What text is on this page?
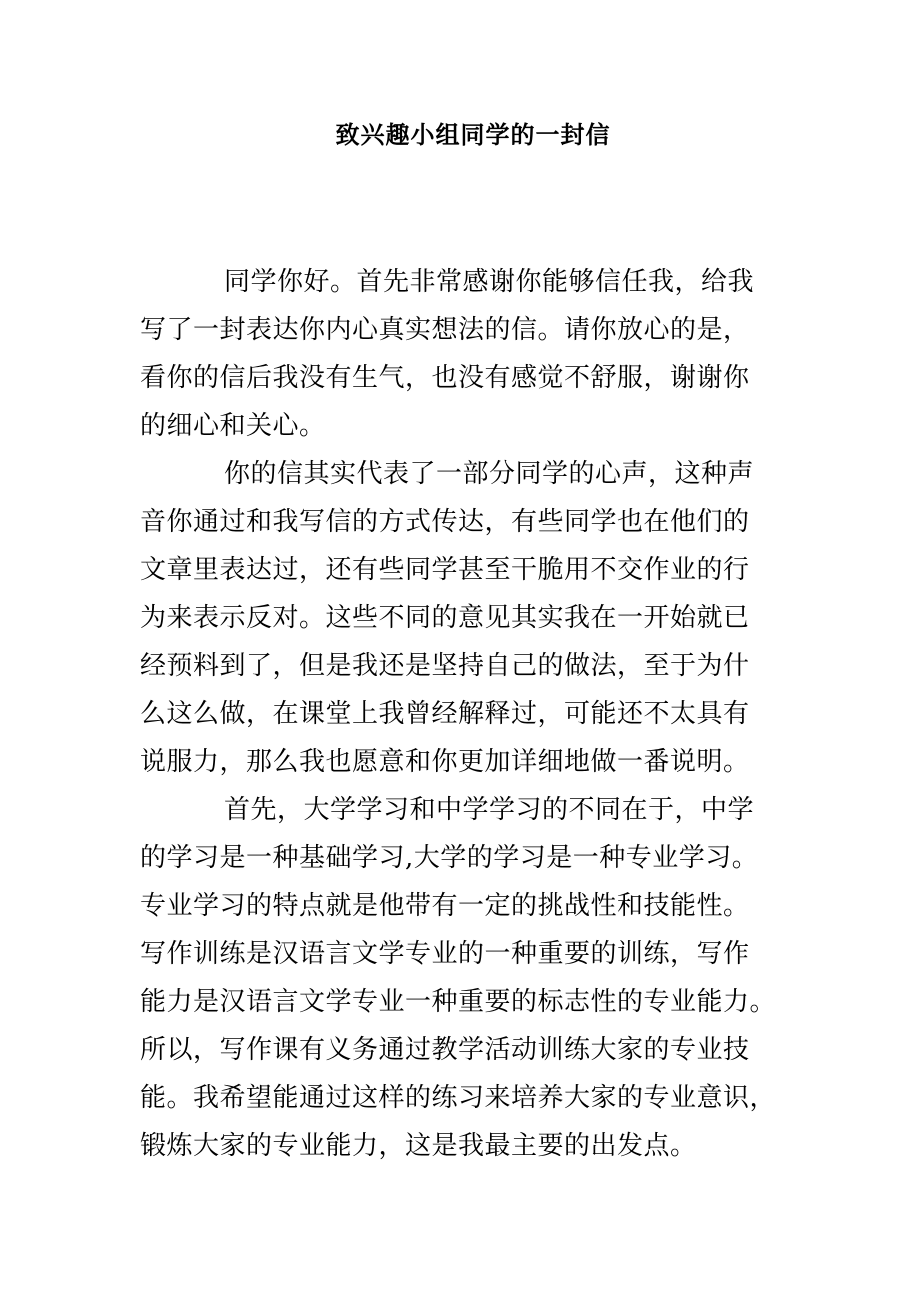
致兴趣小组同学的一封信
同学你好。首先非常感谢你能够信任我，给我
写了一封表达你内心真实想法的信。请你放心的是，
看你的信后我没有生气，也没有感觉不舒服，谢谢你
的细心和关心。
你的信其实代表了一部分同学的心声，这种声
音你通过和我写信的方式传达，有些同学也在他们的
文章里表达过，还有些同学甚至干脆用不交作业的行
为来表示反对。这些不同的意见其实我在一开始就已
经预料到了，但是我还是坚持自己的做法，至于为什
么这么做，在课堂上我曾经解释过，可能还不太具有
说服力，那么我也愿意和你更加详细地做一番说明。
首先，大学学习和中学学习的不同在于，中学
的学习是一种基础学习,大学的学习是一种专业学习。
专业学习的特点就是他带有一定的挑战性和技能性。
写作训练是汉语言文学专业的一种重要的训练，写作
能力是汉语言文学专业一种重要的标志性的专业能力。
所以，写作课有义务通过教学活动训练大家的专业技
能。我希望能通过这样的练习来培养大家的专业意识，
锻炼大家的专业能力，这是我最主要的出发点。
